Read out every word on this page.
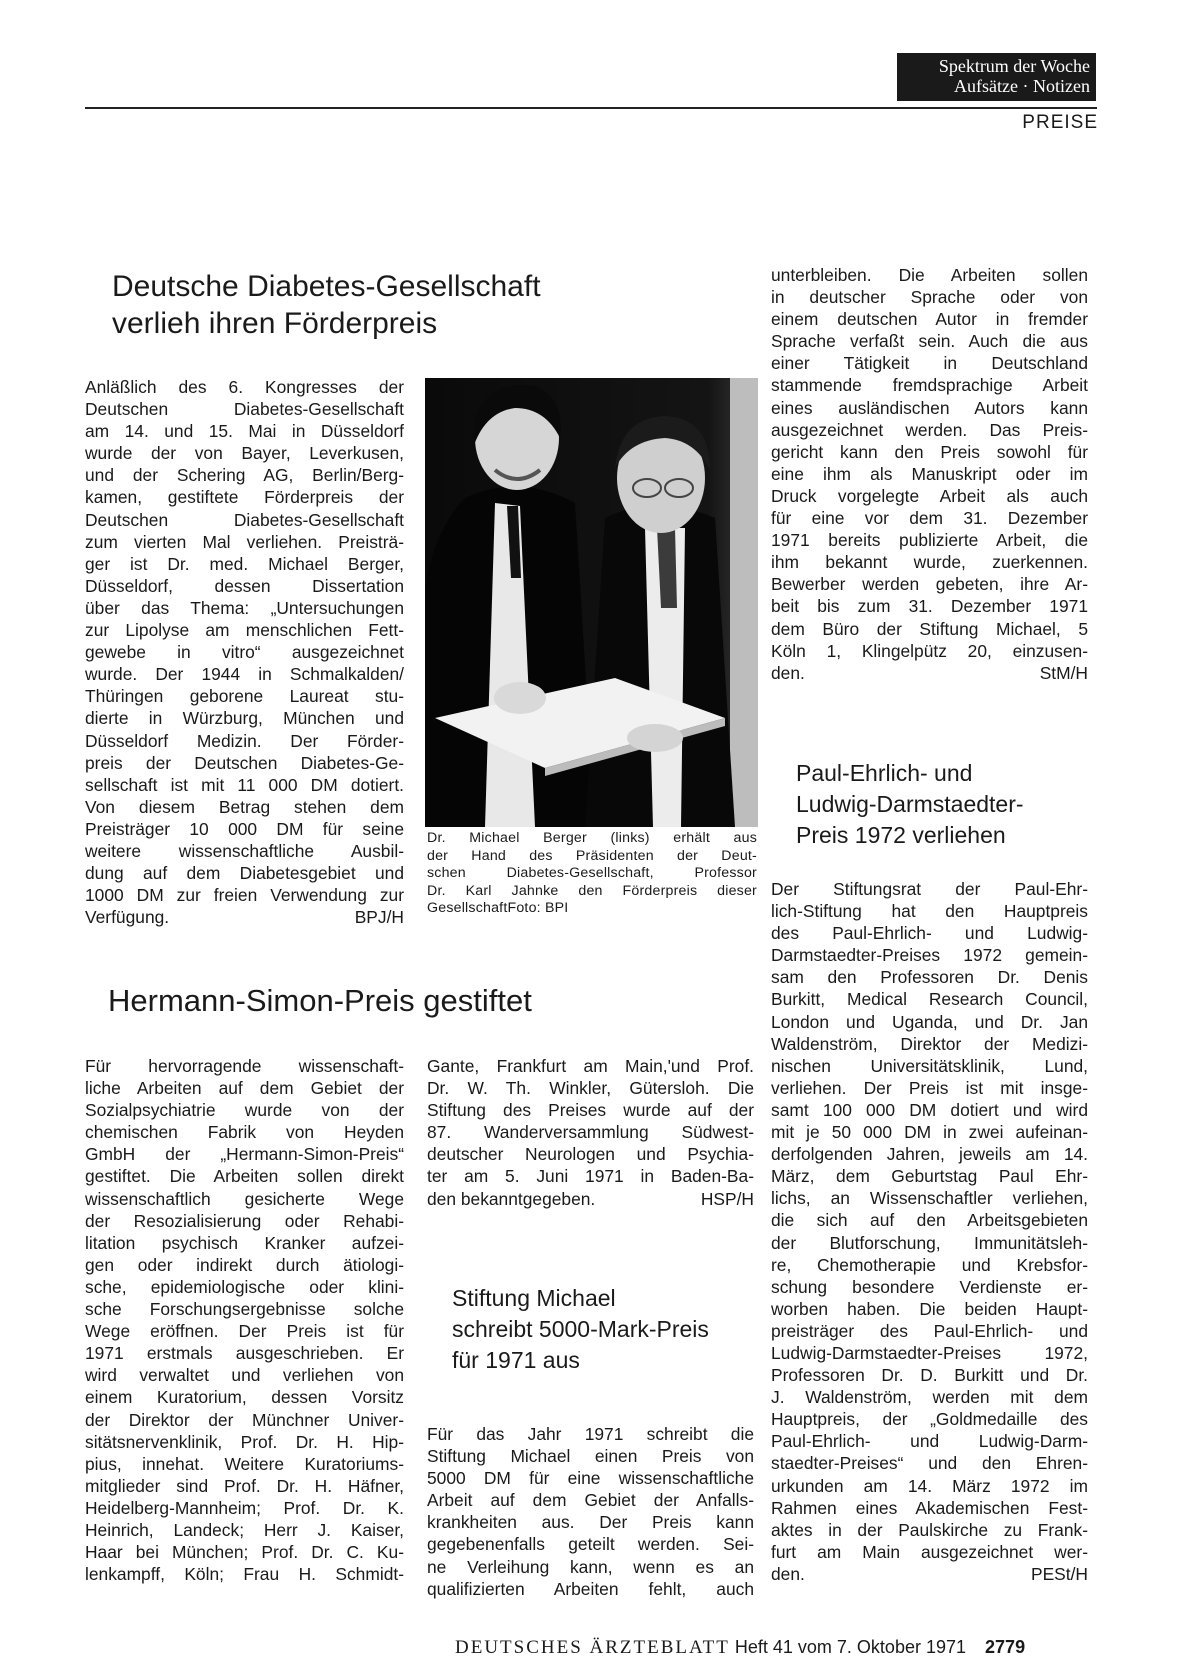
Spektrum der Woche
Aufsätze · Notizen
PREISE
Deutsche Diabetes-Gesellschaft
verlieh ihren Förderpreis
Anläßlich des 6. Kongresses der
Deutschen Diabetes-Gesellschaft
am 14. und 15. Mai in Düsseldorf
wurde der von Bayer, Leverkusen,
und der Schering AG, Berlin/Berg-
kamen, gestiftete Förderpreis der
Deutschen Diabetes-Gesellschaft
zum vierten Mal verliehen. Preisträ-
ger ist Dr. med. Michael Berger,
Düsseldorf, dessen Dissertation
über das Thema: „Untersuchungen
zur Lipolyse am menschlichen Fett-
gewebe in vitro“ ausgezeichnet
wurde. Der 1944 in Schmalkalden/
Thüringen geborene Laureat stu-
dierte in Würzburg, München und
Düsseldorf Medizin. Der Förder-
preis der Deutschen Diabetes-Ge-
sellschaft ist mit 11 000 DM dotiert.
Von diesem Betrag stehen dem
Preisträger 10 000 DM für seine
weitere wissenschaftliche Ausbil-
dung auf dem Diabetesgebiet und
1000 DM zur freien Verwendung zur
Verfügung.	BPJ/H
Dr. Michael Berger (links) erhält aus
der Hand des Präsidenten der Deut-
schen Diabetes-Gesellschaft, Professor
Dr. Karl Jahnke den Förderpreis dieser
GesellschaftFoto: BPI
Hermann-Simon-Preis gestiftet
Für hervorragende wissenschaft-
liche Arbeiten auf dem Gebiet der
Sozialpsychiatrie wurde von der
chemischen Fabrik von Heyden
GmbH der „Hermann-Simon-Preis“
gestiftet. Die Arbeiten sollen direkt
wissenschaftlich gesicherte Wege
der Resozialisierung oder Rehabi-
litation psychisch Kranker aufzei-
gen oder indirekt durch ätiologi-
sche, epidemiologische oder klini-
sche Forschungsergebnisse solche
Wege eröffnen. Der Preis ist für
1971 erstmals ausgeschrieben. Er
wird verwaltet und verliehen von
einem Kuratorium, dessen Vorsitz
der Direktor der Münchner Univer-
sitätsnervenklinik, Prof. Dr. H. Hip-
pius, innehat. Weitere Kuratoriums-
mitglieder sind Prof. Dr. H. Häfner,
Heidelberg-Mannheim; Prof. Dr. K.
Heinrich, Landeck; Herr J. Kaiser,
Haar bei München; Prof. Dr. C. Ku-
lenkampff, Köln; Frau H. Schmidt-
Gante, Frankfurt am Main,'und Prof.
Dr. W. Th. Winkler, Gütersloh. Die
Stiftung des Preises wurde auf der
87. Wanderversammlung Südwest-
deutscher Neurologen und Psychia-
ter am 5. Juni 1971 in Baden-Ba-
den bekanntgegeben.	HSP/H
Stiftung Michael
schreibt 5000-Mark-Preis
für 1971 aus
Für das Jahr 1971 schreibt die
Stiftung Michael einen Preis von
5000 DM für eine wissenschaftliche
Arbeit auf dem Gebiet der Anfalls-
krankheiten aus. Der Preis kann
gegebenenfalls geteilt werden. Sei-
ne Verleihung kann, wenn es an
qualifizierten Arbeiten fehlt, auch
unterbleiben. Die Arbeiten sollen
in deutscher Sprache oder von
einem deutschen Autor in fremder
Sprache verfaßt sein. Auch die aus
einer Tätigkeit in Deutschland
stammende fremdsprachige Arbeit
eines ausländischen Autors kann
ausgezeichnet werden. Das Preis-
gericht kann den Preis sowohl für
eine ihm als Manuskript oder im
Druck vorgelegte Arbeit als auch
für eine vor dem 31. Dezember
1971 bereits publizierte Arbeit, die
ihm bekannt wurde, zuerkennen.
Bewerber werden gebeten, ihre Ar-
beit bis zum 31. Dezember 1971
dem Büro der Stiftung Michael, 5
Köln 1, Klingelpütz 20, einzusen-
den.	StM/H
Paul-Ehrlich- und
Ludwig-Darmstaedter-
Preis 1972 verliehen
Der Stiftungsrat der Paul-Ehr-
lich-Stiftung hat den Hauptpreis
des Paul-Ehrlich- und Ludwig-
Darmstaedter-Preises 1972 gemein-
sam den Professoren Dr. Denis
Burkitt, Medical Research Council,
London und Uganda, und Dr. Jan
Waldenström, Direktor der Medizi-
nischen Universitätsklinik, Lund,
verliehen. Der Preis ist mit insge-
samt 100 000 DM dotiert und wird
mit je 50 000 DM in zwei aufeinan-
derfolgenden Jahren, jeweils am 14.
März, dem Geburtstag Paul Ehr-
lichs, an Wissenschaftler verliehen,
die sich auf den Arbeitsgebieten
der Blutforschung, Immunitätsleh-
re, Chemotherapie und Krebsfor-
schung besondere Verdienste er-
worben haben. Die beiden Haupt-
preisträger des Paul-Ehrlich- und
Ludwig-Darmstaedter-Preises 1972,
Professoren Dr. D. Burkitt und Dr.
J. Waldenström, werden mit dem
Hauptpreis, der „Goldmedaille des
Paul-Ehrlich- und Ludwig-Darm-
staedter-Preises“ und den Ehren-
urkunden am 14. März 1972 im
Rahmen eines Akademischen Fest-
aktes in der Paulskirche zu Frank-
furt am Main ausgezeichnet wer-
den.	PESt/H
DEUTSCHES ÄRZTEBLATT Heft 41 vom 7. Oktober 1971 2779
